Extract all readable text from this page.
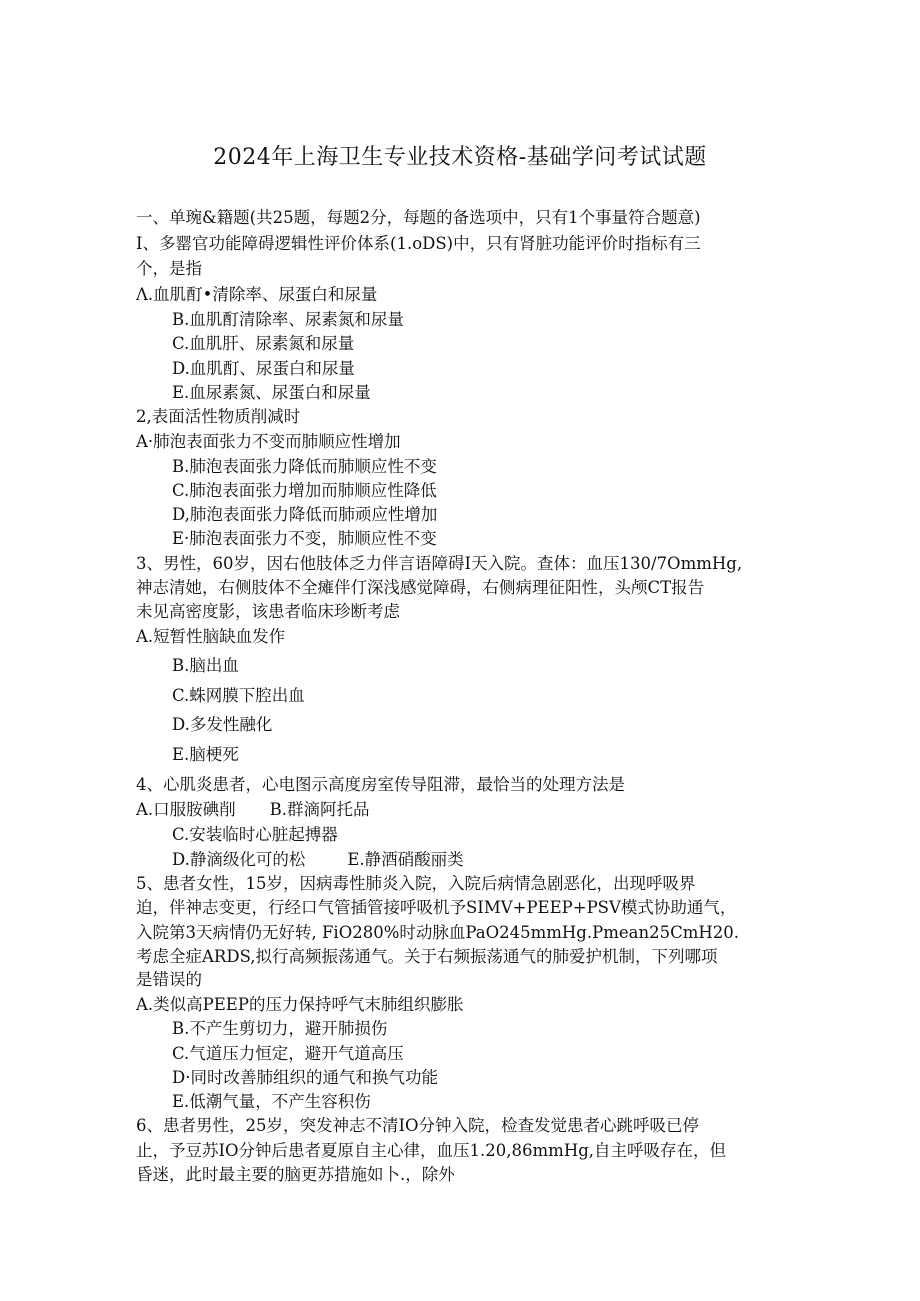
2024年上海卫生专业技术资格-基础学问考试试题
一、单琬&籍题(共25题，每题2分，每题的备选项中，只有1个事量符合题意)
I、多罂官功能障碍逻辑性评价体系(1.oDS)中，只有肾脏功能评价时指标有三
个，是指
Λ.血肌酊•清除率、尿蛋白和尿量
B.血肌酊清除率、尿素氮和尿量
C.血肌肝、尿素氮和尿量
D.血肌酊、尿蛋白和尿量
E.血尿素氮、尿蛋白和尿量
2,表面活性物质削减时
A·肺泡表面张力不变而肺顺应性增加
B.肺泡表面张力降低而肺顺应性不变
C.肺泡表面张力增加而肺顺应性降低
D,肺泡表面张力降低而肺顽应性增加
E·肺泡表面张力不变，肺顺应性不变
3、男性，60岁，因右他肢体乏力伴言语障碍I天入院。查体：血压130/7OmmHg,
神志清她，右侧肢体不全瘫伴仃深浅感觉障碍，右侧病理征阳性，头颅CT报告
未见高密度影，该患者临床珍断考虑
A.短暂性脑缺血发作
B.脑出血
C.蛛网膜下腔出血
D.多发性融化
E.脑梗死
4、心肌炎患者，心电图示高度房室传导阻滞，最恰当的处理方法是
A.口服胺碘削 B.群滴阿托品
C.安装临时心脏起搏器
D.静滴级化可的松	E.静酒硝酸丽类
5、患者女性，15岁，因病毒性肺炎入院，入院后病情急剧恶化，出现呼吸界
迫，伴神志变更，行经口气管插管接呼吸机予SIMV+PEEP+PSV模式协助通气，
入院第3天病情仍无好转, FiO280%时动脉血PaO245mmHg.Pmean25CmH20.
考虑全症ARDS,拟行高频振荡通气。关于右频振荡通气的肺爱护机制，下列哪项
是错误的
A.类似高PEEP的压力保持呼气末肺组织膨胀
B.不产生剪切力，避开肺损伤
C.气道压力恒定，避开气道高压
D·同时改善肺组织的通气和换气功能
E.低潮气量，不产生容积伤
6、患者男性，25岁，突发神志不清IO分钟入院，检查发觉患者心跳呼吸已停
止，予豆苏IO分钟后患者夏原自主心律，血压1.20,86mmHg,自主呼吸存在，但
昏迷，此时最主要的脑更苏措施如卜.，除外
